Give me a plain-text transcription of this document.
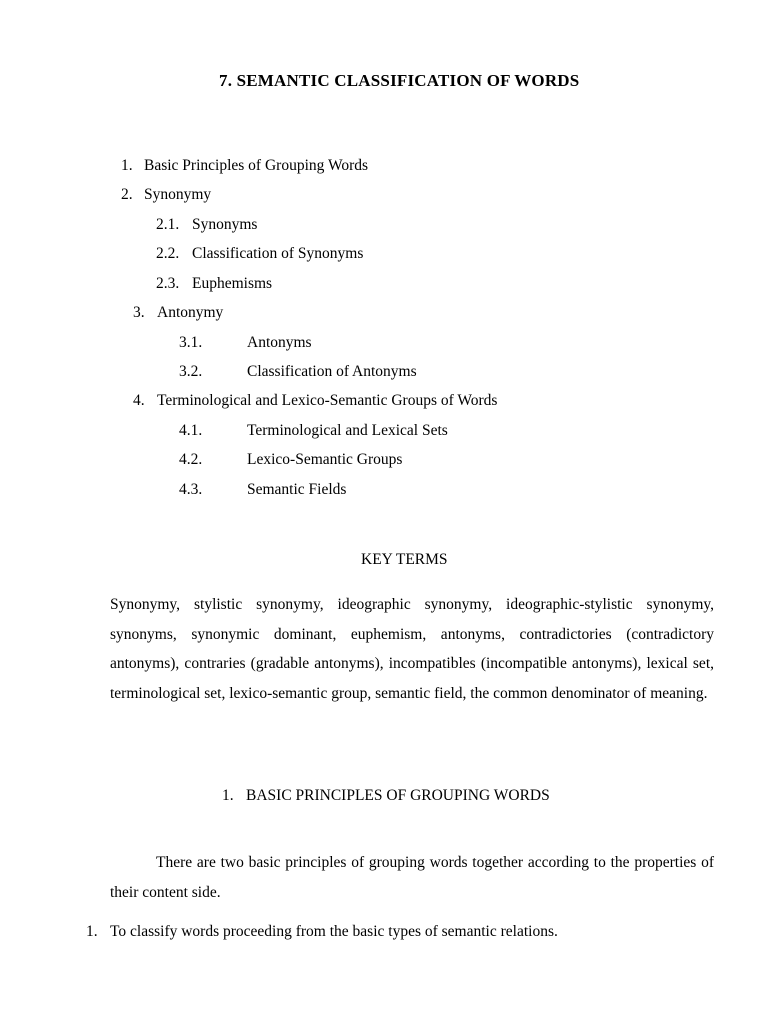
7. SEMANTIC CLASSIFICATION OF WORDS
1. Basic Principles of Grouping Words
2. Synonymy
2.1. Synonyms
2.2. Classification of Synonyms
2.3. Euphemisms
3. Antonymy
3.1.	Antonyms
3.2.	Classification of Antonyms
4. Terminological and Lexico-Semantic Groups of Words
4.1.	Terminological and Lexical Sets
4.2.	Lexico-Semantic Groups
4.3.	Semantic Fields
KEY TERMS
Synonymy, stylistic synonymy, ideographic synonymy, ideographic-stylistic synonymy, synonyms, synonymic dominant, euphemism, antonyms, contradictories (contradictory antonyms), contraries (gradable antonyms), incompatibles (incompatible antonyms), lexical set, terminological set, lexico-semantic group, semantic field, the common denominator of meaning.
1. BASIC PRINCIPLES OF GROUPING WORDS
There are two basic principles of grouping words together according to the properties of their content side.
1. To classify words proceeding from the basic types of semantic relations.
